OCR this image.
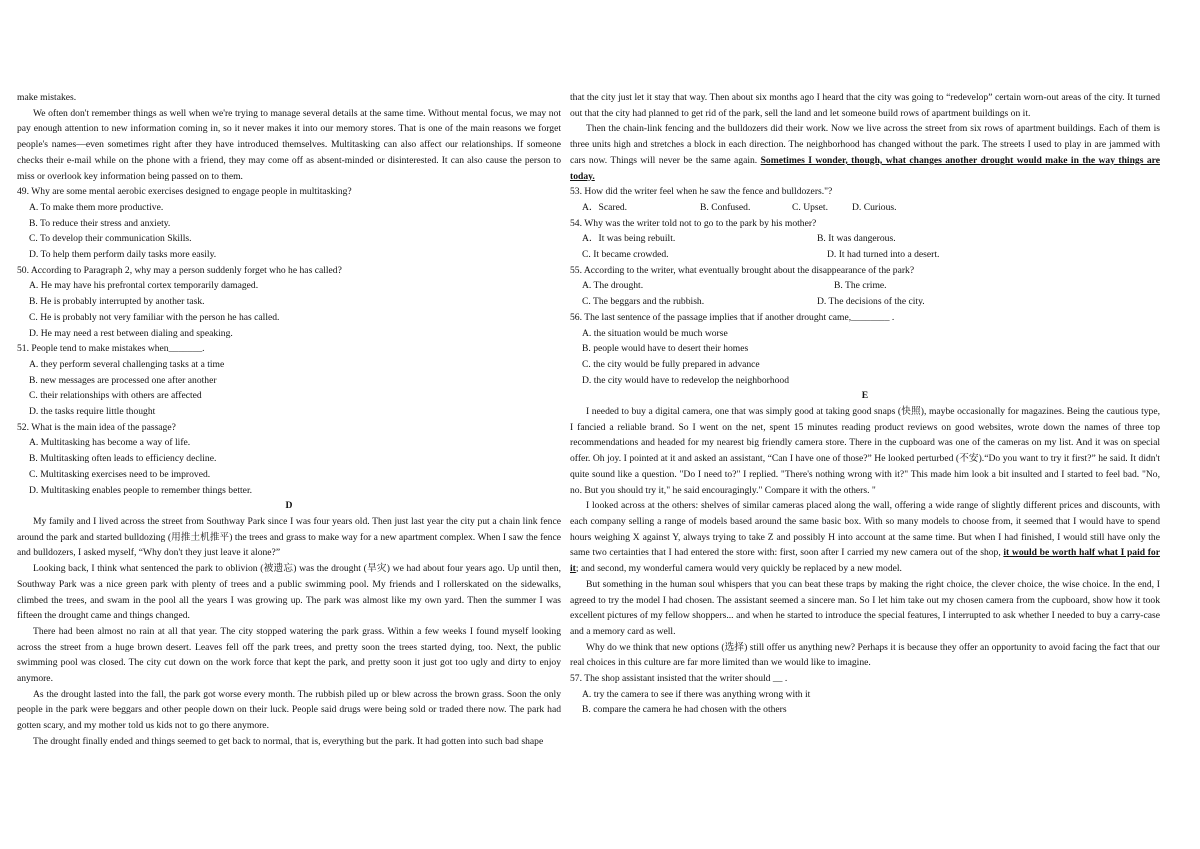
make mistakes.

We often don't remember things as well when we're trying to manage several details at the same time. Without mental focus, we may not pay enough attention to new information coming in, so it never makes it into our memory stores. That is one of the main reasons we forget people's names—even sometimes right after they have introduced themselves. Multitasking can also affect our relationships. If someone checks their e-mail while on the phone with a friend, they may come off as absent-minded or disinterested. It can also cause the person to miss or overlook key information being passed on to them.

49. Why are some mental aerobic exercises designed to engage people in multitasking?

A. To make them more productive.

B. To reduce their stress and anxiety.

C. To develop their communication Skills.

D. To help them perform daily tasks more easily.

50. According to Paragraph 2, why may a person suddenly forget who he has called?

A. He may have his prefrontal cortex temporarily damaged.

B. He is probably interrupted by another task.

C. He is probably not very familiar with the person he has called.

D. He may need a rest between dialing and speaking.

51. People tend to make mistakes when_______.

A. they perform several challenging tasks at a time

B. new messages are processed one after another

C. their relationships with others are affected

D. the tasks require little thought

52. What is the main idea of the passage?

A. Multitasking has become a way of life.

B. Multitasking often leads to efficiency decline.

C. Multitasking exercises need to be improved.

D. Multitasking enables people to remember things better.

D

My family and I lived across the street from Southway Park since I was four years old. Then just last year the city put a chain link fence around the park and started bulldozing (用推土机推平) the trees and grass to make way for a new apartment complex. When I saw the fence and bulldozers, I asked myself, “Why don't they just leave it alone?”

Looking back, I think what sentenced the park to oblivion (被遗忘) was the drought (旱灾) we had about four years ago. Up until then, Southway Park was a nice green park with plenty of trees and a public swimming pool. My friends and I rollerskated on the sidewalks, climbed the trees, and swam in the pool all the years I was growing up. The park was almost like my own yard. Then the summer I was fifteen the drought came and things changed.

There had been almost no rain at all that year. The city stopped watering the park grass. Within a few weeks I found myself looking across the street from a huge brown desert. Leaves fell off the park trees, and pretty soon the trees started dying, too. Next, the public swimming pool was closed. The city cut down on the work force that kept the park, and pretty soon it just got too ugly and dirty to enjoy anymore.

As the drought lasted into the fall, the park got worse every month. The rubbish piled up or blew across the brown grass. Soon the only people in the park were beggars and other people down on their luck. People said drugs were being sold or traded there now. The park had gotten scary, and my mother told us kids not to go there anymore.

The drought finally ended and things seemed to get back to normal, that is, everything but the park. It had gotten into such bad shape

that the city just let it stay that way. Then about six months ago I heard that the city was going to “redevelop” certain worn-out areas of the city. It turned out that the city had planned to get rid of the park, sell the land and let someone build rows of apartment buildings on it.

Then the chain-link fencing and the bulldozers did their work. Now we live across the street from six rows of apartment buildings. Each of them is three units high and stretches a block in each direction. The neighborhood has changed without the park. The streets I used to play in are jammed with cars now. Things will never be the same again. Sometimes I wonder, though, what changes another drought would make in the way things are today.

53. How did the writer feel when he saw the fence and bulldozers."?

A．Scared.	B. Confused.	C. Upset.	D. Curious.

54. Why was the writer told not to go to the park by his mother?

A．It was being rebuilt.	B. It was dangerous.
C. It became crowded.	D. It had turned into a desert.

55. According to the writer, what eventually brought about the disappearance of the park?

A. The drought.	B. The crime.
C. The beggars and the rubbish.	D. The decisions of the city.

56. The last sentence of the passage implies that if another drought came,________ .

A. the situation would be much worse

B. people would have to desert their homes

C. the city would be fully prepared in advance

D. the city would have to redevelop the neighborhood

E

I needed to buy a digital camera, one that was simply good at taking good snaps (快照), maybe occasionally for magazines. Being the cautious type, I fancied a reliable brand. So I went on the net, spent 15 minutes reading product reviews on good websites, wrote down the names of three top recommendations and headed for my nearest big friendly camera store. There in the cupboard was one of the cameras on my list. And it was on special offer. Oh joy. I pointed at it and asked an assistant, “Can I have one of those?” He looked perturbed (不安).“Do you want to try it first?” he said. It didn't quite sound like a question. "Do I need to?" I replied. "There's nothing wrong with it?" This made him look a bit insulted and I started to feel bad. "No, no. But you should try it," he said encouragingly." Compare it with the others. "

I looked across at the others: shelves of similar cameras placed along the wall, offering a wide range of slightly different prices and discounts, with each company selling a range of models based around the same basic box. With so many models to choose from, it seemed that I would have to spend hours weighing X against Y, always trying to take Z and possibly H into account at the same time. But when I had finished, I would still have only the same two certainties that I had entered the store with: first, soon after I carried my new camera out of the shop, it would be worth half what I paid for it; and second, my wonderful camera would very quickly be replaced by a new model.

But something in the human soul whispers that you can beat these traps by making the right choice, the clever choice, the wise choice. In the end, I agreed to try the model I had chosen. The assistant seemed a sincere man. So I let him take out my chosen camera from the cupboard, show how it took excellent pictures of my fellow shoppers... and when he started to introduce the special features, I interrupted to ask whether I needed to buy a carry-case and a memory card as well.

Why do we think that new options (选择) still offer us anything new? Perhaps it is because they offer an opportunity to avoid facing the fact that our real choices in this culture are far more limited than we would like to imagine.

57. The shop assistant insisted that the writer should __ .

A. try the camera to see if there was anything wrong with it

B. compare the camera he had chosen with the others
